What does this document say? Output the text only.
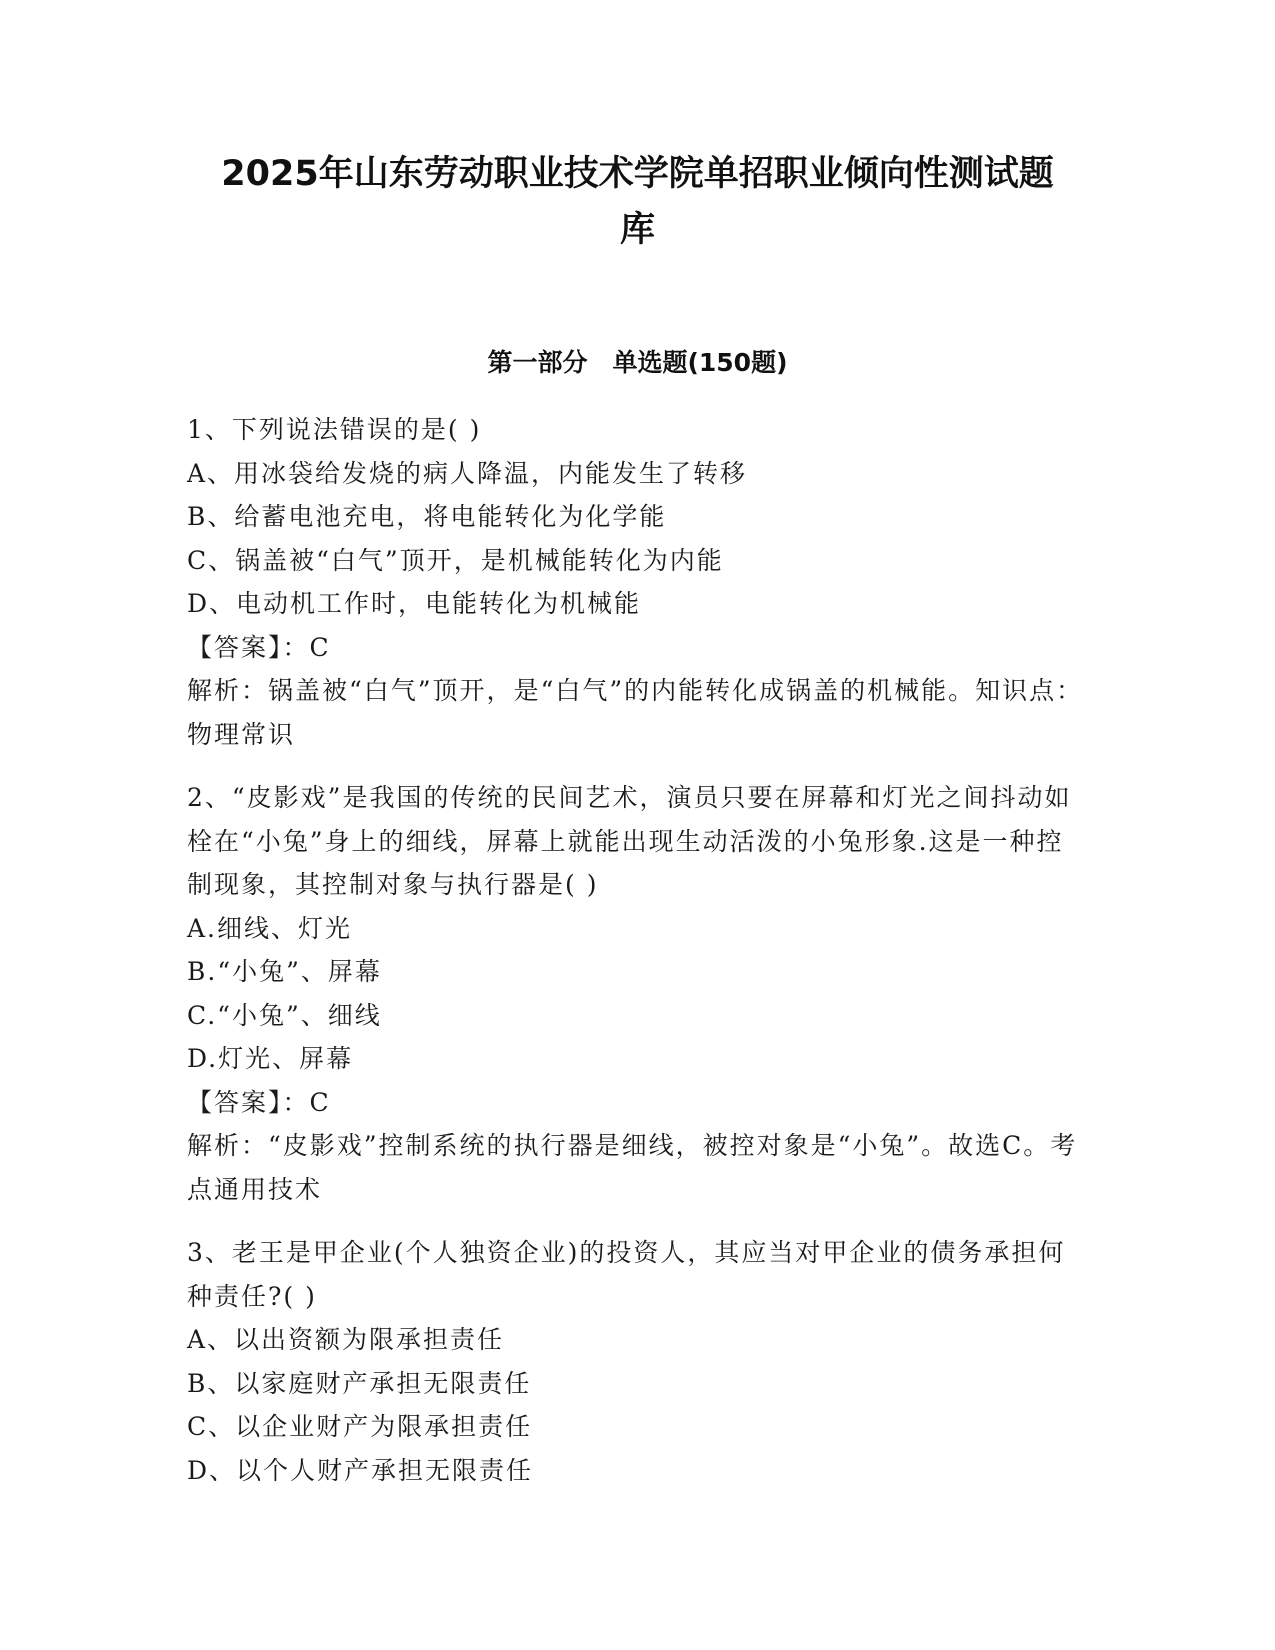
2025年山东劳动职业技术学院单招职业倾向性测试题
库
第一部分　单选题(150题)

1、下列说法错误的是( )

A、用冰袋给发烧的病人降温，内能发生了转移

B、给蓄电池充电，将电能转化为化学能

C、锅盖被“白气”顶开，是机械能转化为内能

D、电动机工作时，电能转化为机械能

【答案】：C

解析：锅盖被“白气”顶开，是“白气”的内能转化成锅盖的机械能。知识点：物理常识

2、“皮影戏”是我国的传统的民间艺术，演员只要在屏幕和灯光之间抖动如栓在“小兔”身上的细线，屏幕上就能出现生动活泼的小兔形象.这是一种控制现象，其控制对象与执行器是( )

A.细线、灯光

B.“小兔”、屏幕

C.“小兔”、细线

D.灯光、屏幕

【答案】：C

解析：“皮影戏”控制系统的执行器是细线，被控对象是“小兔”。故选C。考点通用技术

3、老王是甲企业(个人独资企业)的投资人，其应当对甲企业的债务承担何种责任?( )

A、以出资额为限承担责任

B、以家庭财产承担无限责任

C、以企业财产为限承担责任

D、以个人财产承担无限责任
